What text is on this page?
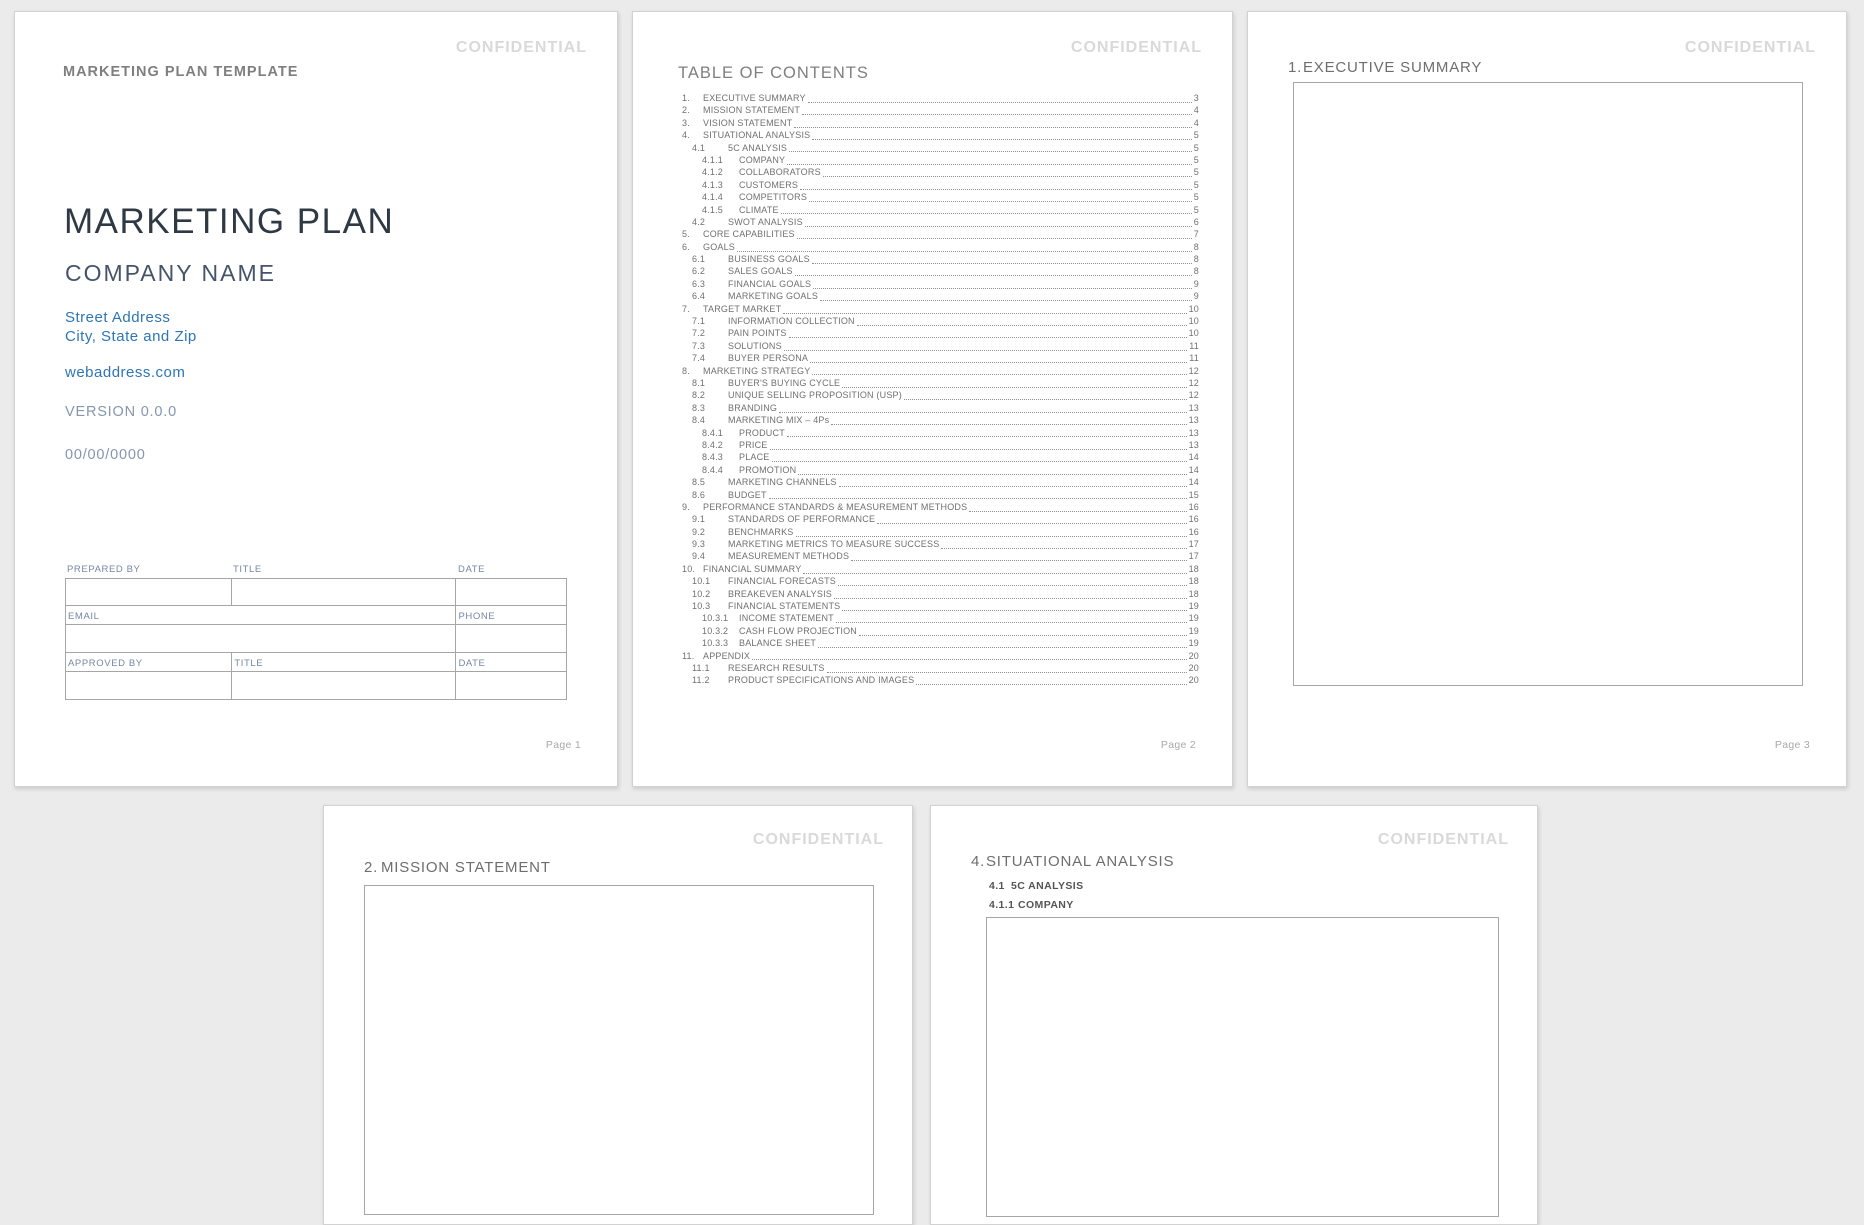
CONFIDENTIAL
MARKETING PLAN TEMPLATE
MARKETING PLAN
COMPANY NAME
Street Address
City, State and Zip
webaddress.com
VERSION 0.0.0
00/00/0000
PREPARED BY	TITLE	DATE
EMAIL	PHONE
APPROVED BY	TITLE	DATE
Page 1
CONFIDENTIAL
TABLE OF CONTENTS
1.	EXECUTIVE SUMMARY	3
2.	MISSION STATEMENT	4
3.	VISION STATEMENT	4
4.	SITUATIONAL ANALYSIS	5
4.1	5C ANALYSIS	5
4.1.1	COMPANY	5
4.1.2	COLLABORATORS	5
4.1.3	CUSTOMERS	5
4.1.4	COMPETITORS	5
4.1.5	CLIMATE	5
4.2	SWOT ANALYSIS	6
5.	CORE CAPABILITIES	7
6.	GOALS	8
6.1	BUSINESS GOALS	8
6.2	SALES GOALS	8
6.3	FINANCIAL GOALS	9
6.4	MARKETING GOALS	9
7.	TARGET MARKET	10
7.1	INFORMATION COLLECTION	10
7.2	PAIN POINTS	10
7.3	SOLUTIONS	11
7.4	BUYER PERSONA	11
8.	MARKETING STRATEGY	12
8.1	BUYER'S BUYING CYCLE	12
8.2	UNIQUE SELLING PROPOSITION (USP)	12
8.3	BRANDING	13
8.4	MARKETING MIX – 4Ps	13
8.4.1	PRODUCT	13
8.4.2	PRICE	13
8.4.3	PLACE	14
8.4.4	PROMOTION	14
8.5	MARKETING CHANNELS	14
8.6	BUDGET	15
9.	PERFORMANCE STANDARDS & MEASUREMENT METHODS	16
9.1	STANDARDS OF PERFORMANCE	16
9.2	BENCHMARKS	16
9.3	MARKETING METRICS TO MEASURE SUCCESS	17
9.4	MEASUREMENT METHODS	17
10. FINANCIAL SUMMARY	18
10.1	FINANCIAL FORECASTS	18
10.2	BREAKEVEN ANALYSIS	18
10.3	FINANCIAL STATEMENTS	19
10.3.1	INCOME STATEMENT	19
10.3.2	CASH FLOW PROJECTION	19
10.3.3	BALANCE SHEET	19
11. APPENDIX	20
11.1	RESEARCH RESULTS	20
11.2	PRODUCT SPECIFICATIONS AND IMAGES	20
Page 2
CONFIDENTIAL
1.EXECUTIVE SUMMARY
Page 3
CONFIDENTIAL
2. MISSION STATEMENT
CONFIDENTIAL
4.SITUATIONAL ANALYSIS
4.1 5C ANALYSIS
4.1.1 COMPANY
